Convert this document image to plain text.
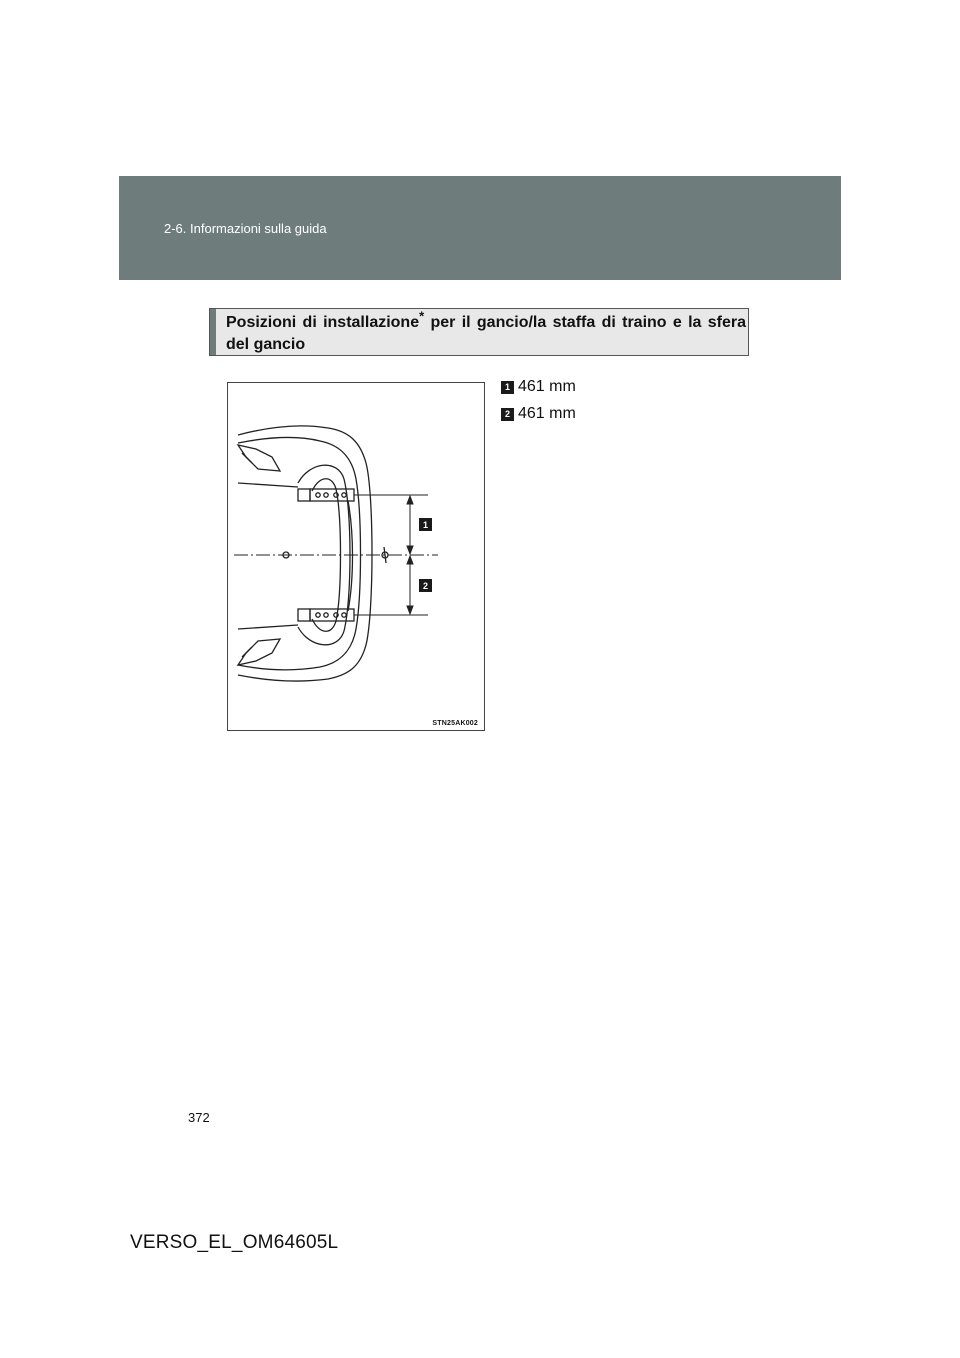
2-6. Informazioni sulla guida
Posizioni di installazione* per il gancio/la staffa di traino e la sfera del gancio
1
2
STN25AK002
1 461 mm
2 461 mm
372
VERSO_EL_OM64605L
